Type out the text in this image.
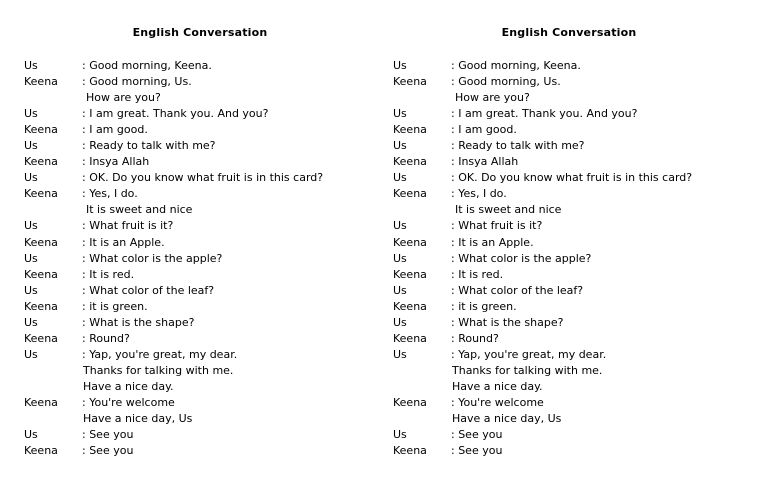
English Conversation
Us	: Good morning, Keena.
Keena : Good morning, Us.
How are you?
Us	: I am great. Thank you. And you?
Keena : I am good.
Us	: Ready to talk with me?
Keena : Insya Allah
Us	: OK. Do you know what fruit is in this card?
Keena : Yes, I do.
It is sweet and nice
Us	: What fruit is it?
Keena : It is an Apple.
Us	: What color is the apple?
Keena : It is red.
Us	: What color of the leaf?
Keena : it is green.
Us	: What is the shape?
Keena : Round?
Us	: Yap, you're great, my dear.
Thanks for talking with me.
Have a nice day.
Keena : You're welcome
Have a nice day, Us
Us	: See you
Keena : See you
English Conversation
Us	: Good morning, Keena.
Keena : Good morning, Us.
How are you?
Us	: I am great. Thank you. And you?
Keena : I am good.
Us	: Ready to talk with me?
Keena : Insya Allah
Us	: OK. Do you know what fruit is in this card?
Keena : Yes, I do.
It is sweet and nice
Us	: What fruit is it?
Keena : It is an Apple.
Us	: What color is the apple?
Keena : It is red.
Us	: What color of the leaf?
Keena : it is green.
Us	: What is the shape?
Keena : Round?
Us	: Yap, you're great, my dear.
Thanks for talking with me.
Have a nice day.
Keena : You're welcome
Have a nice day, Us
Us	: See you
Keena : See you
